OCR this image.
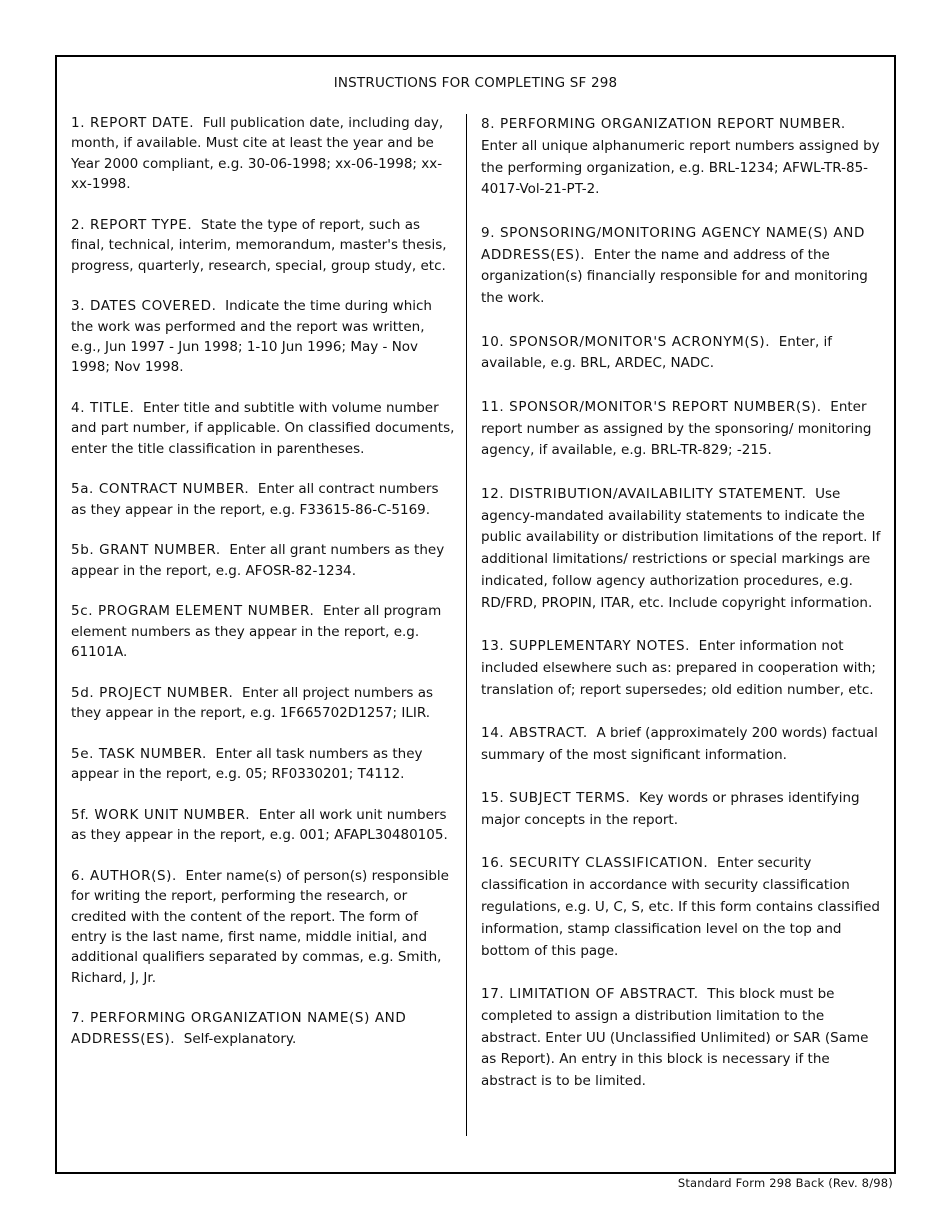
INSTRUCTIONS FOR COMPLETING SF 298

1. REPORT DATE. Full publication date, including day, month, if available. Must cite at least the year and be Year 2000 compliant, e.g. 30-06-1998; xx-06-1998; xx-xx-1998.

2. REPORT TYPE. State the type of report, such as final, technical, interim, memorandum, master's thesis, progress, quarterly, research, special, group study, etc.

3. DATES COVERED. Indicate the time during which the work was performed and the report was written, e.g., Jun 1997 - Jun 1998; 1-10 Jun 1996; May - Nov 1998; Nov 1998.

4. TITLE. Enter title and subtitle with volume number and part number, if applicable. On classified documents, enter the title classification in parentheses.

5a. CONTRACT NUMBER. Enter all contract numbers as they appear in the report, e.g. F33615-86-C-5169.

5b. GRANT NUMBER. Enter all grant numbers as they appear in the report, e.g. AFOSR-82-1234.

5c. PROGRAM ELEMENT NUMBER. Enter all program element numbers as they appear in the report, e.g. 61101A.

5d. PROJECT NUMBER. Enter all project numbers as they appear in the report, e.g. 1F665702D1257; ILIR.

5e. TASK NUMBER. Enter all task numbers as they appear in the report, e.g. 05; RF0330201; T4112.

5f. WORK UNIT NUMBER. Enter all work unit numbers as they appear in the report, e.g. 001; AFAPL30480105.

6. AUTHOR(S). Enter name(s) of person(s) responsible for writing the report, performing the research, or credited with the content of the report. The form of entry is the last name, first name, middle initial, and additional qualifiers separated by commas, e.g. Smith, Richard, J, Jr.

7. PERFORMING ORGANIZATION NAME(S) AND ADDRESS(ES). Self-explanatory.

8. PERFORMING ORGANIZATION REPORT NUMBER.  Enter all unique alphanumeric report numbers assigned by the performing organization, e.g. BRL-1234; AFWL-TR-85-4017-Vol-21-PT-2.

9. SPONSORING/MONITORING AGENCY NAME(S) AND ADDRESS(ES). Enter the name and address of the organization(s) financially responsible for and monitoring the work.

10. SPONSOR/MONITOR'S ACRONYM(S). Enter, if available, e.g. BRL, ARDEC, NADC.

11. SPONSOR/MONITOR'S REPORT NUMBER(S). Enter report number as assigned by the sponsoring/ monitoring agency, if available, e.g. BRL-TR-829; -215.

12. DISTRIBUTION/AVAILABILITY STATEMENT. Use agency-mandated availability statements to indicate the public availability or distribution limitations of the report. If additional limitations/ restrictions or special markings are indicated, follow agency authorization procedures, e.g. RD/FRD, PROPIN, ITAR, etc. Include copyright information.

13. SUPPLEMENTARY NOTES. Enter information not included elsewhere such as: prepared in cooperation with; translation of; report supersedes; old edition number, etc.

14. ABSTRACT. A brief (approximately 200 words) factual summary of the most significant information.

15. SUBJECT TERMS. Key words or phrases identifying major concepts in the report.

16. SECURITY CLASSIFICATION. Enter security classification in accordance with security classification regulations, e.g. U, C, S, etc. If this form contains classified information, stamp classification level on the top and bottom of this page.

17. LIMITATION OF ABSTRACT. This block must be completed to assign a distribution limitation to the abstract. Enter UU (Unclassified Unlimited) or SAR (Same as Report). An entry in this block is necessary if the abstract is to be limited.

Standard Form 298 Back (Rev. 8/98)
